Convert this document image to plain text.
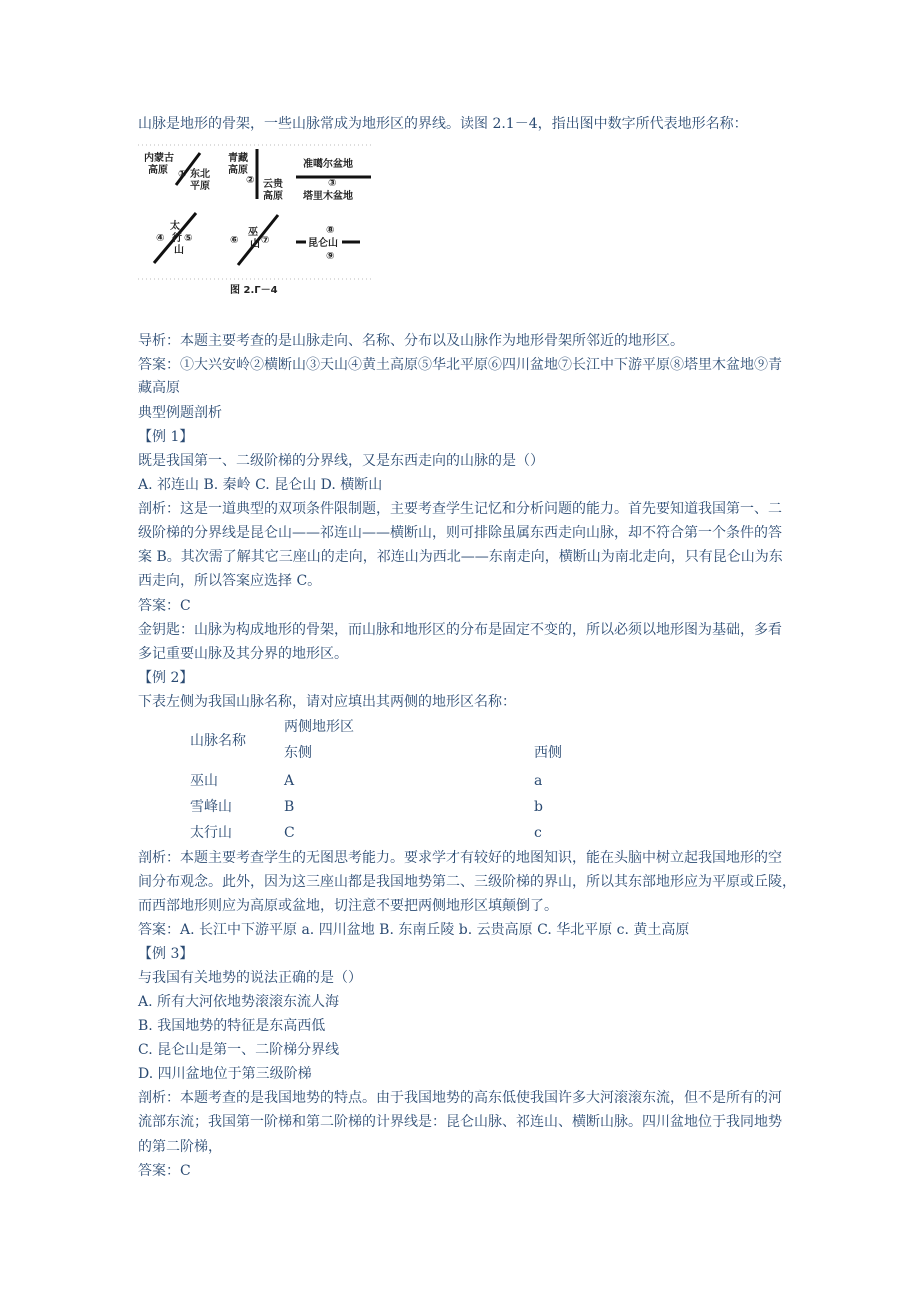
山脉是地形的骨架，一些山脉常成为地形区的界线。读图 2.1－4，指出图中数字所代表地形名称：
内蒙古
高原 ① 东北
平原
青藏
高原
② 云贵
高原
准噶尔盆地
③
塔里木盆地
④
太
行
山
⑤	⑥
巫
山 ⑦
⑧
昆仑山
⑨
图 2.Г－4
导析：本题主要考查的是山脉走向、名称、分布以及山脉作为地形骨架所邻近的地形区。
答案：①大兴安岭②横断山③天山④黄土高原⑤华北平原⑥四川盆地⑦长江中下游平原⑧塔里木盆地⑨青
藏高原
典型例题剖析
【例 1】
既是我国第一、二级阶梯的分界线，又是东西走向的山脉的是（）
A. 祁连山 B. 秦岭 C. 昆仑山 D. 横断山
剖析：这是一道典型的双项条件限制题，主要考查学生记忆和分析问题的能力。首先要知道我国第一、二
级阶梯的分界线是昆仑山——祁连山——横断山，则可排除虽属东西走向山脉，却不符合第一个条件的答
案 B。其次需了解其它三座山的走向，祁连山为西北——东南走向，横断山为南北走向，只有昆仑山为东
西走向，所以答案应选择 C。
答案：C
金钥匙：山脉为构成地形的骨架，而山脉和地形区的分布是固定不变的，所以必须以地形图为基础，多看
多记重要山脉及其分界的地形区。
【例 2】
下表左侧为我国山脉名称，请对应填出其两侧的地形区名称：
山脉名称
两侧地形区
东侧	西侧
巫山	A	a
雪峰山	B	b
太行山	C	c
剖析：本题主要考查学生的无图思考能力。要求学才有较好的地图知识，能在头脑中树立起我国地形的空
间分布观念。此外，因为这三座山都是我国地势第二、三级阶梯的界山，所以其东部地形应为平原或丘陵，
而西部地形则应为高原或盆地，切注意不要把两侧地形区填颠倒了。
答案：A. 长江中下游平原 a. 四川盆地 B. 东南丘陵 b. 云贵高原 C. 华北平原 c. 黄土高原
【例 3】
与我国有关地势的说法正确的是（）
A. 所有大河依地势滚滚东流人海
B. 我国地势的特征是东高西低
C. 昆仑山是第一、二阶梯分界线
D. 四川盆地位于第三级阶梯
剖析：本题考查的是我国地势的特点。由于我国地势的高东低使我国许多大河滚滚东流，但不是所有的河
流部东流；我国第一阶梯和第二阶梯的计界线是：昆仑山脉、祁连山、横断山脉。四川盆地位于我同地势
的第二阶梯，
答案：C
